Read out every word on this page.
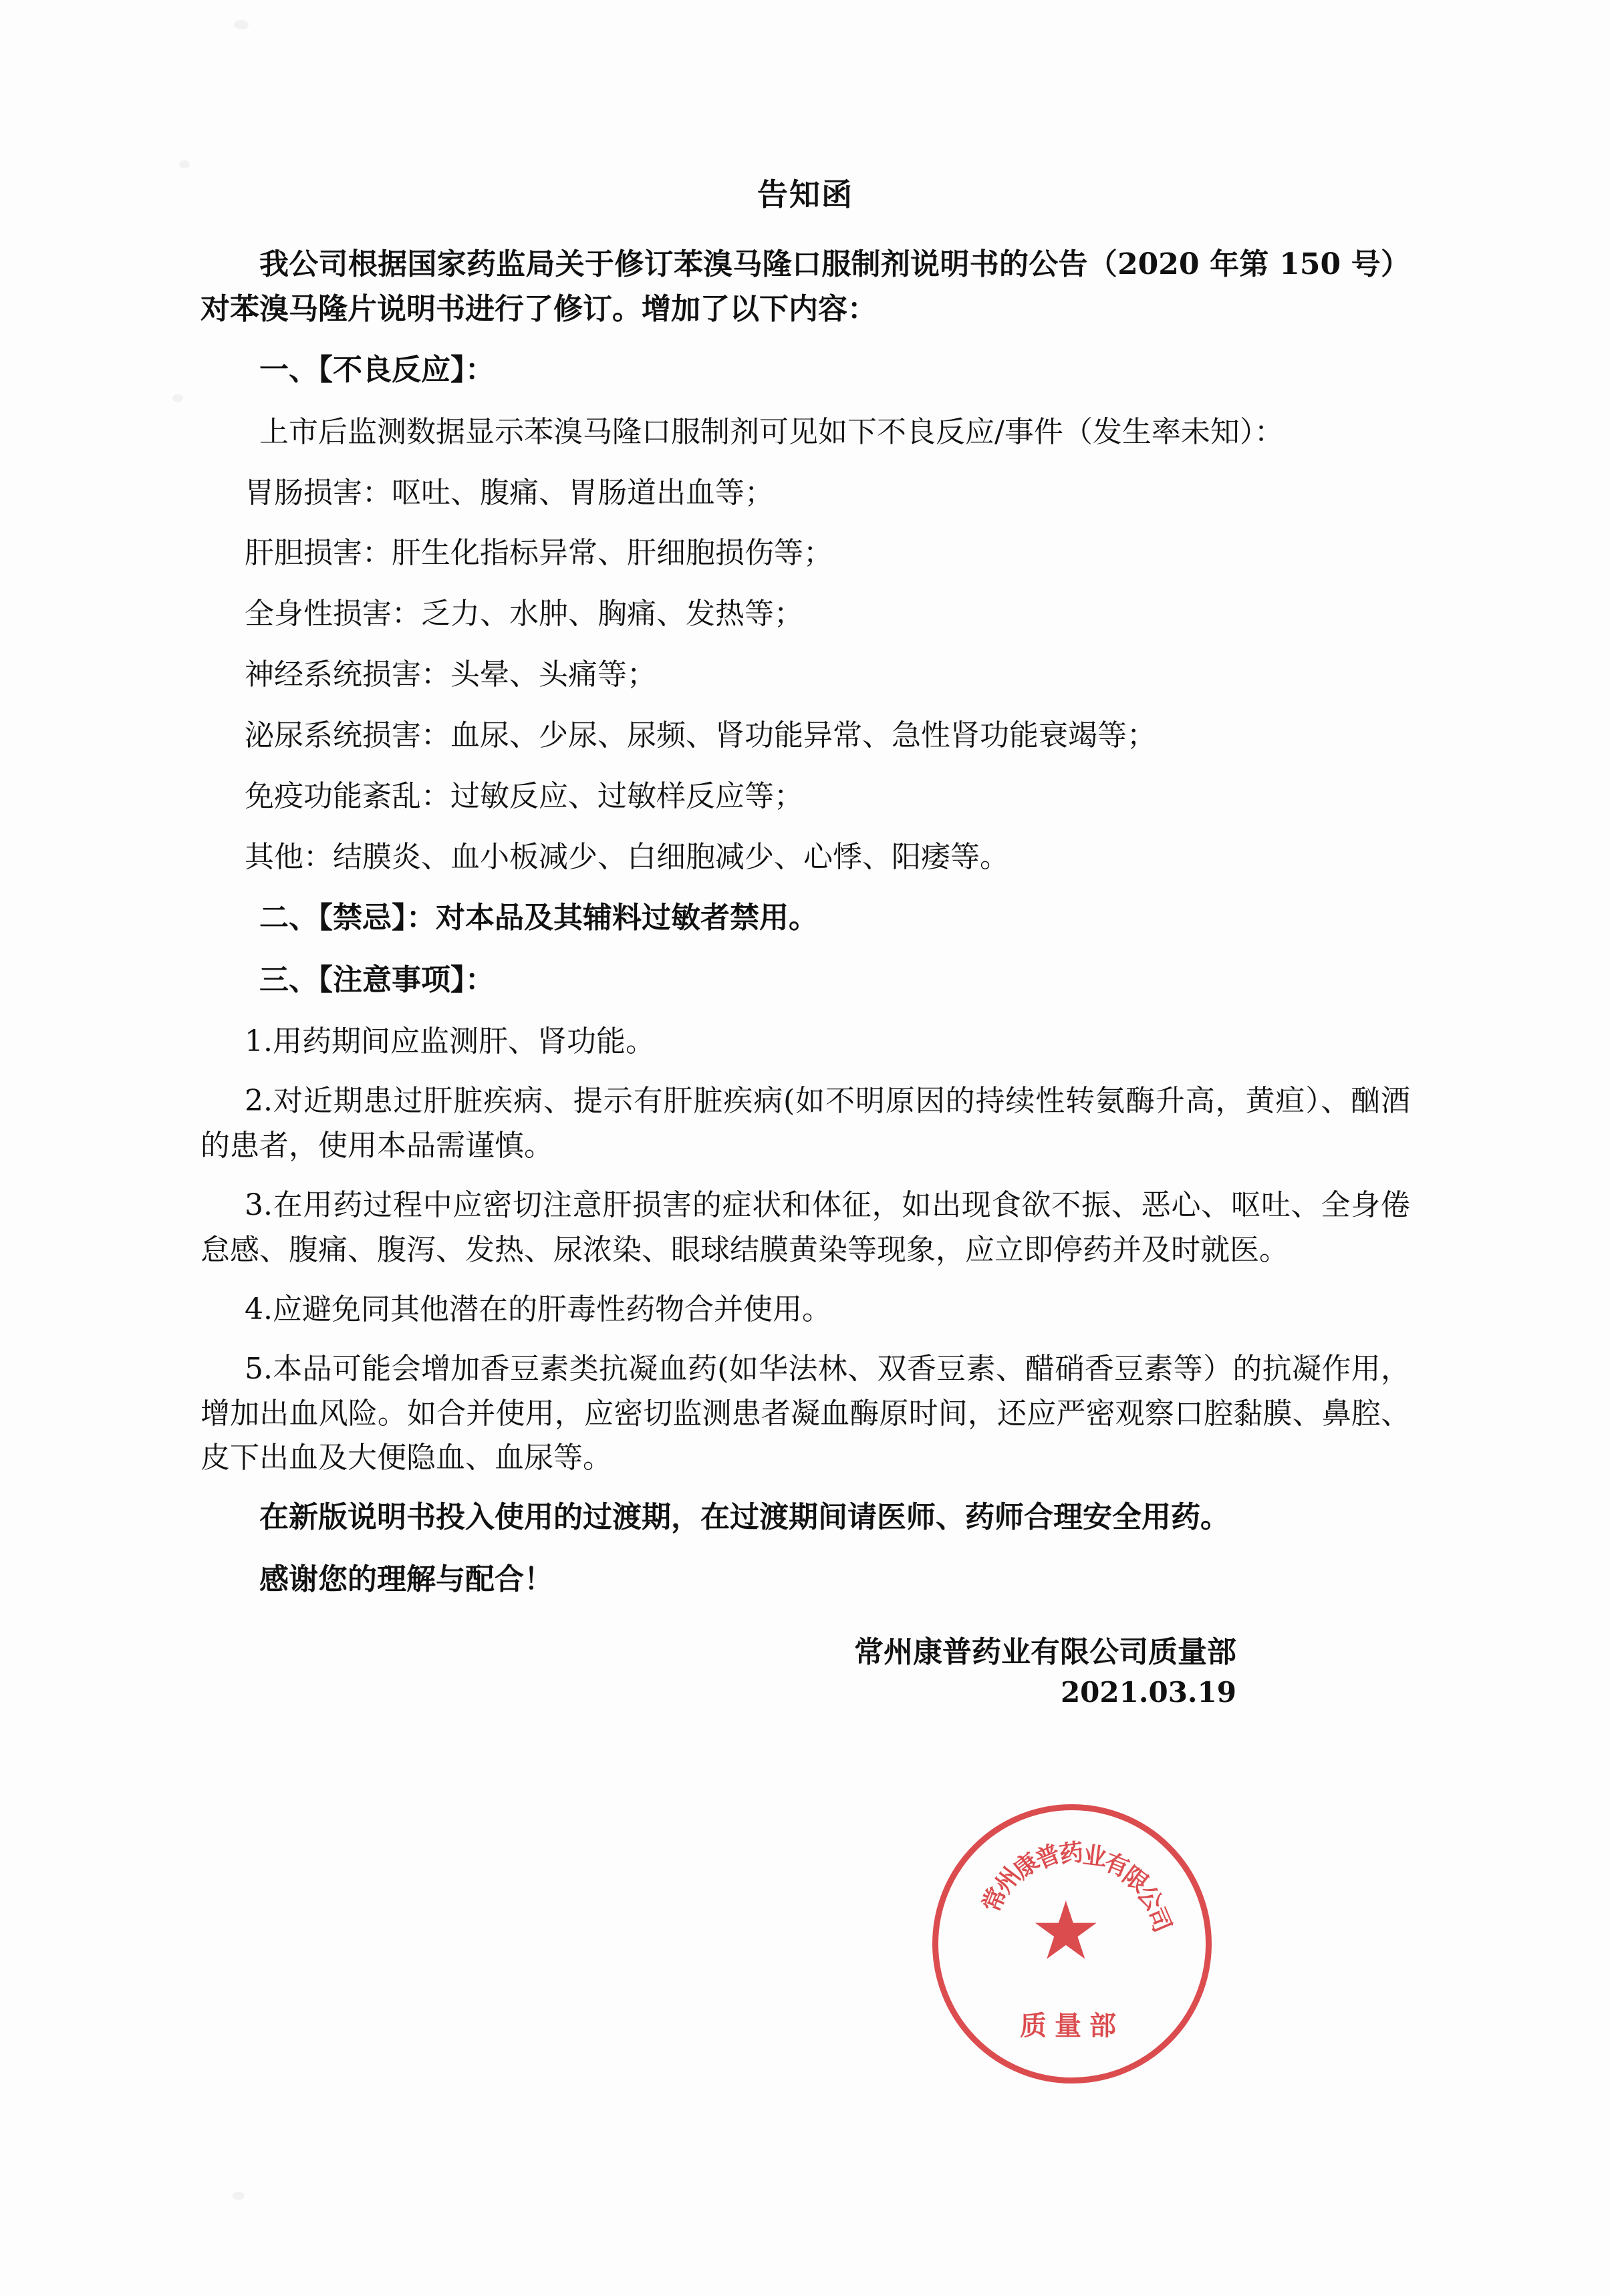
告知函

我公司根据国家药监局关于修订苯溴马隆口服制剂说明书的公告（2020 年第 150 号）对苯溴马隆片说明书进行了修订。增加了以下内容：

一、【不良反应】：

上市后监测数据显示苯溴马隆口服制剂可见如下不良反应/事件（发生率未知）：

胃肠损害：呕吐、腹痛、胃肠道出血等；

肝胆损害：肝生化指标异常、肝细胞损伤等；

全身性损害：乏力、水肿、胸痛、发热等；

神经系统损害：头晕、头痛等；

泌尿系统损害：血尿、少尿、尿频、肾功能异常、急性肾功能衰竭等；

免疫功能紊乱：过敏反应、过敏样反应等；

其他：结膜炎、血小板减少、白细胞减少、心悸、阳痿等。

二、【禁忌】：对本品及其辅料过敏者禁用。

三、【注意事项】：

1.用药期间应监测肝、肾功能。

2.对近期患过肝脏疾病、提示有肝脏疾病(如不明原因的持续性转氨酶升高，黄疸）、酗酒的患者，使用本品需谨慎。

3.在用药过程中应密切注意肝损害的症状和体征，如出现食欲不振、恶心、呕吐、全身倦怠感、腹痛、腹泻、发热、尿浓染、眼球结膜黄染等现象，应立即停药并及时就医。

4.应避免同其他潜在的肝毒性药物合并使用。

5.本品可能会增加香豆素类抗凝血药(如华法林、双香豆素、醋硝香豆素等）的抗凝作用，增加出血风险。如合并使用，应密切监测患者凝血酶原时间，还应严密观察口腔黏膜、鼻腔、皮下出血及大便隐血、血尿等。

在新版说明书投入使用的过渡期，在过渡期间请医师、药师合理安全用药。

感谢您的理解与配合！

常州康普药业有限公司质量部
2021.03.19
常
州
康
普
药
业
有
限
公
司
★
质量部
